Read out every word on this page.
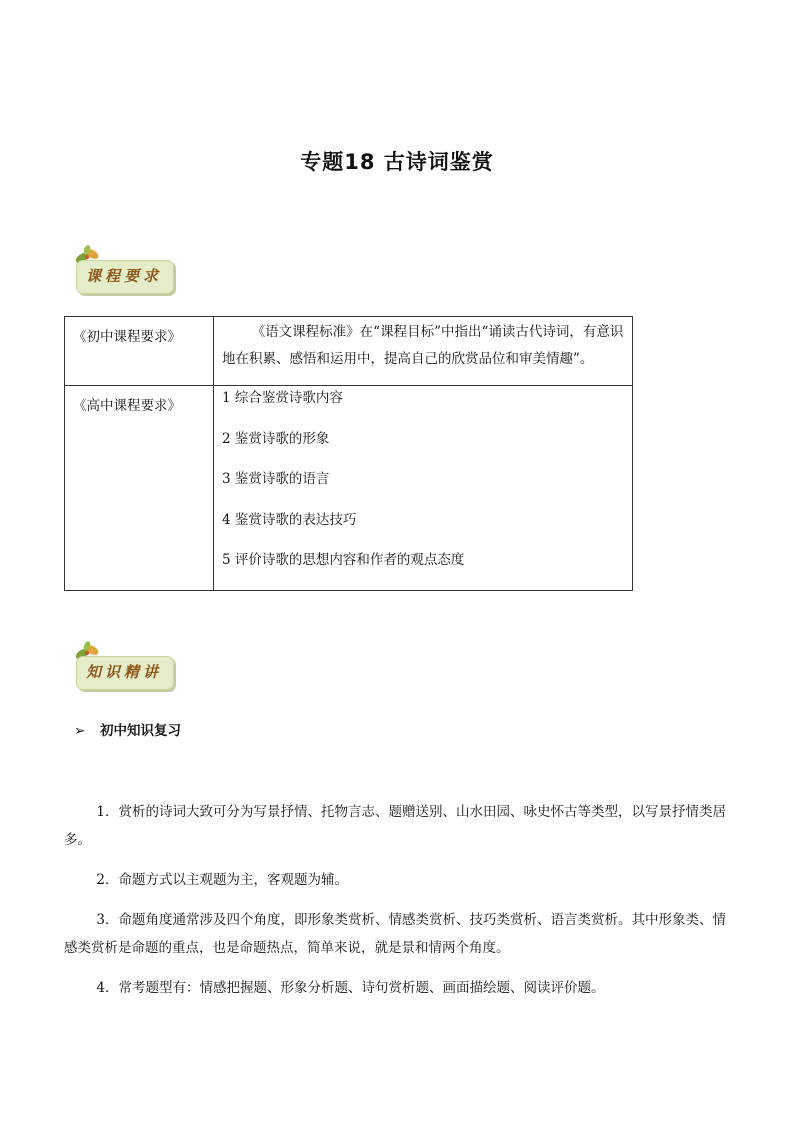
专题18 古诗词鉴赏
课程要求
《初中课程要求》	《语文课程标准》在“课程目标”中指出“诵读古代诗词，有意识地在积累、感悟和运用中，提高自己的欣赏品位和审美情趣”。

《高中课程要求》	1 综合鉴赏诗歌内容
2 鉴赏诗歌的形象
3 鉴赏诗歌的语言
4 鉴赏诗歌的表达技巧
5 评价诗歌的思想内容和作者的观点态度
知识精讲
➢ 初中知识复习
1．赏析的诗词大致可分为写景抒情、托物言志、题赠送别、山水田园、咏史怀古等类型，以写景抒情类居多。
2．命题方式以主观题为主，客观题为辅。
3．命题角度通常涉及四个角度，即形象类赏析、情感类赏析、技巧类赏析、语言类赏析。其中形象类、情感类赏析是命题的重点，也是命题热点，简单来说，就是景和情两个角度。
4．常考题型有：情感把握题、形象分析题、诗句赏析题、画面描绘题、阅读评价题。
